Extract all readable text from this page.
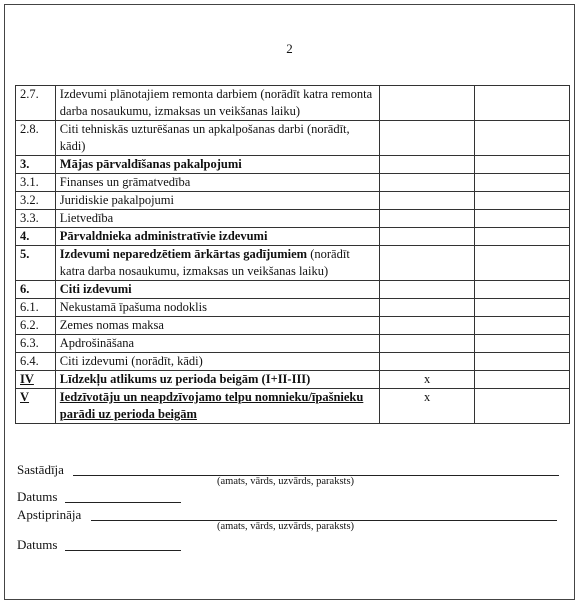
2
2.7.	Izdevumi plānotajiem remonta darbiem (norādīt katra remonta darba nosaukumu, izmaksas un veikšanas laiku)		
2.8.	Citi tehniskās uzturēšanas un apkalpošanas darbi (norādīt, kādi)		
3.	Mājas pārvaldīšanas pakalpojumi		
3.1.	Finanses un grāmatvedība		
3.2.	Juridiskie pakalpojumi		
3.3.	Lietvedība		
4.	Pārvaldnieka administratīvie izdevumi		
5.	Izdevumi neparedzētiem ārkārtas gadījumiem (norādīt katra darba nosaukumu, izmaksas un veikšanas laiku)		
6.	Citi izdevumi		
6.1.	Nekustamā īpašuma nodoklis		
6.2.	Zemes nomas maksa		
6.3.	Apdrošināšana		
6.4.	Citi izdevumi (norādīt, kādi)		
IV	Līdzekļu atlikums uz perioda beigām (I+II-III)	x	
V	Iedzīvotāju un neapdzīvojamo telpu nomnieku/īpašnieku parādi uz perioda beigām	x	
Sastādīja
(amats, vārds, uzvārds, paraksts)
Datums
Apstiprināja
(amats, vārds, uzvārds, paraksts)
Datums
